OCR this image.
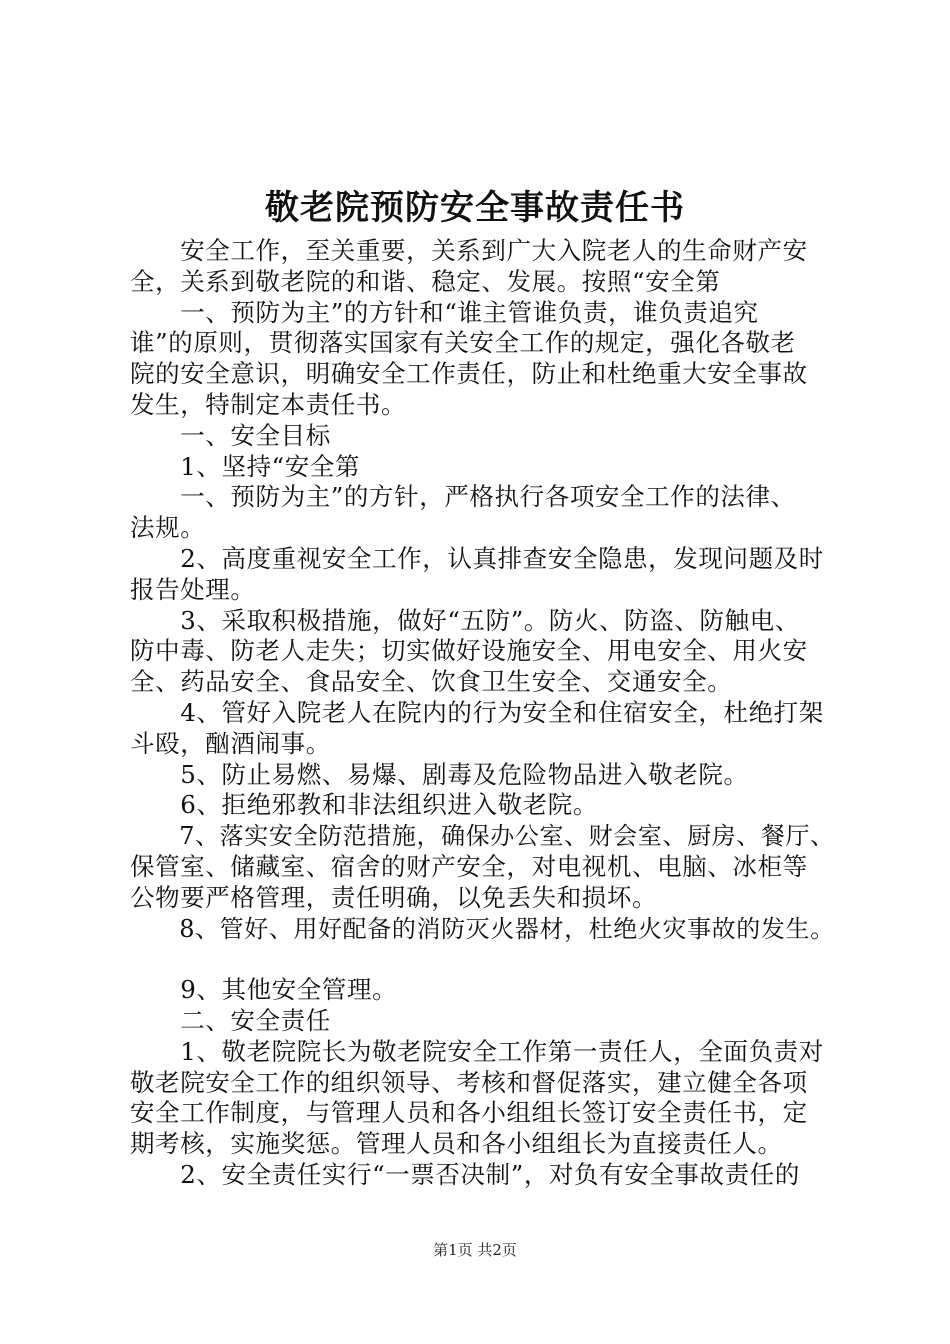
敬老院预防安全事故责任书
　　安全工作，至关重要，关系到广大入院老人的生命财产安
全，关系到敬老院的和谐、稳定、发展。按照“安全第
　　一、预防为主”的方针和“谁主管谁负责，谁负责追究
谁”的原则，贯彻落实国家有关安全工作的规定，强化各敬老
院的安全意识，明确安全工作责任，防止和杜绝重大安全事故
发生，特制定本责任书。
　　一、安全目标
　　1、坚持“安全第
　　一、预防为主”的方针，严格执行各项安全工作的法律、
法规。
　　2、高度重视安全工作，认真排查安全隐患，发现问题及时
报告处理。
　　3、采取积极措施，做好“五防”。防火、防盗、防触电、
防中毒、防老人走失；切实做好设施安全、用电安全、用火安
全、药品安全、食品安全、饮食卫生安全、交通安全。
　　4、管好入院老人在院内的行为安全和住宿安全，杜绝打架
斗殴，酗酒闹事。
　　5、防止易燃、易爆、剧毒及危险物品进入敬老院。
　　6、拒绝邪教和非法组织进入敬老院。
　　7、落实安全防范措施，确保办公室、财会室、厨房、餐厅、
保管室、储藏室、宿舍的财产安全，对电视机、电脑、冰柜等
公物要严格管理，责任明确，以免丢失和损坏。
　　8、管好、用好配备的消防灭火器材，杜绝火灾事故的发生。
　　9、其他安全管理。
　　二、安全责任
　　1、敬老院院长为敬老院安全工作第一责任人，全面负责对
敬老院安全工作的组织领导、考核和督促落实，建立健全各项
安全工作制度，与管理人员和各小组组长签订安全责任书，定
期考核，实施奖惩。管理人员和各小组组长为直接责任人。
　　2、安全责任实行“一票否决制”，对负有安全事故责任的
第1页 共2页
